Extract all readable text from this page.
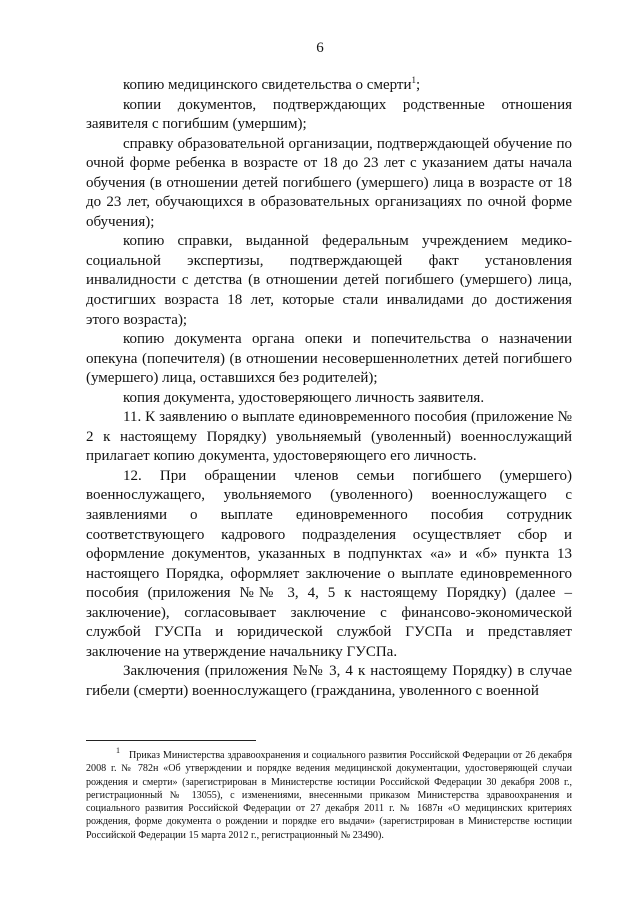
6

копию медицинского свидетельства о смерти$^1$;

копии документов, подтверждающих родственные отношения заявителя с погибшим (умершим);

справку образовательной организации, подтверждающей обучение по очной форме ребенка в возрасте от 18 до 23 лет с указанием даты начала обучения (в отношении детей погибшего (умершего) лица в возрасте от 18 до 23 лет, обучающихся в образовательных организациях по очной форме обучения);

копию справки, выданной федеральным учреждением медико-социальной экспертизы, подтверждающей факт установления инвалидности с детства (в отношении детей погибшего (умершего) лица, достигших возраста 18 лет, которые стали инвалидами до достижения этого возраста);

копию документа органа опеки и попечительства о назначении опекуна (попечителя) (в отношении несовершеннолетних детей погибшего (умершего) лица, оставшихся без родителей);

копия документа, удостоверяющего личность заявителя.

11. К заявлению о выплате единовременного пособия (приложение № 2 к настоящему Порядку) увольняемый (уволенный) военнослужащий прилагает копию документа, удостоверяющего его личность.

12. При обращении членов семьи погибшего (умершего) военнослужащего, увольняемого (уволенного) военнослужащего с заявлениями о выплате единовременного пособия сотрудник соответствующего кадрового подразделения осуществляет сбор и оформление документов, указанных в подпунктах «а» и «б» пункта 13 настоящего Порядка, оформляет заключение о выплате единовременного пособия (приложения №№ 3, 4, 5 к настоящему Порядку) (далее – заключение), согласовывает заключение с финансово-экономической службой ГУСПа и юридической службой ГУСПа и представляет заключение на утверждение начальнику ГУСПа.

Заключения (приложения №№ 3, 4 к настоящему Порядку) в случае гибели (смерти) военнослужащего (гражданина, уволенного с военной

$^1$ Приказ Министерства здравоохранения и социального развития Российской Федерации от 26 декабря 2008 г. № 782н «Об утверждении и порядке ведения медицинской документации, удостоверяющей случаи рождения и смерти» (зарегистрирован в Министерстве юстиции Российской Федерации 30 декабря 2008 г., регистрационный № 13055), с изменениями, внесенными приказом Министерства здравоохранения и социального развития Российской Федерации от 27 декабря 2011 г. № 1687н «О медицинских критериях рождения, форме документа о рождении и порядке его выдачи» (зарегистрирован в Министерстве юстиции Российской Федерации 15 марта 2012 г., регистрационный № 23490).
